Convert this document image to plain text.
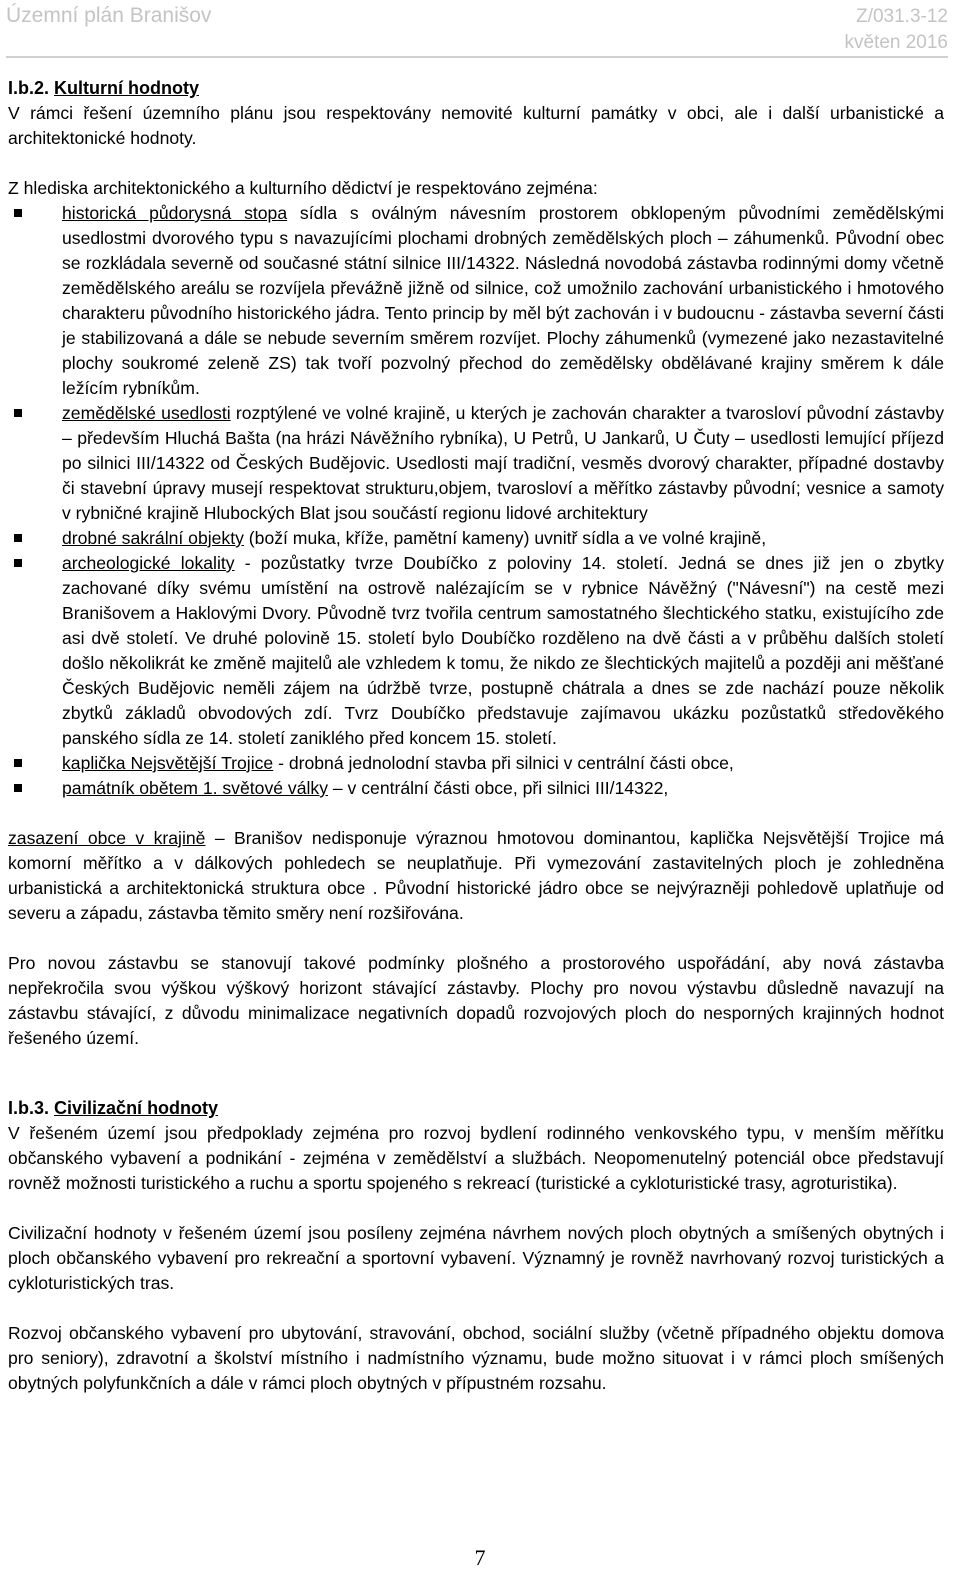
Územní plán Branišov	Z/031.3-12
květen 2016
I.b.2. Kulturní hodnoty

V rámci řešení územního plánu jsou respektovány nemovité kulturní památky v obci, ale i další urbanistické a architektonické hodnoty.

Z hlediska architektonického a kulturního dědictví je respektováno zejména:

historická půdorysná stopa sídla s oválným návesním prostorem obklopeným původními zemědělskými usedlostmi dvorového typu s navazujícími plochami drobných zemědělských ploch – záhumenků. Původní obec se rozkládala severně od současné státní silnice III/14322. Následná novodobá zástavba rodinnými domy včetně zemědělského areálu se rozvíjela převážně jižně od silnice, což umožnilo zachování urbanistického i hmotového charakteru původního historického jádra. Tento princip by měl být zachován i v budoucnu - zástavba severní části je stabilizovaná a dále se nebude severním směrem rozvíjet. Plochy záhumenků (vymezené jako nezastavitelné plochy soukromé zeleně ZS) tak tvoří pozvolný přechod do zemědělsky obdělávané krajiny směrem k dále ležícím rybníkům.
zemědělské usedlosti rozptýlené ve volné krajině, u kterých je zachován charakter a tvarosloví původní zástavby – především Hluchá Bašta (na hrázi Návěžního rybníka), U Petrů, U Jankarů, U Čuty – usedlosti lemující příjezd po silnici III/14322 od Českých Budějovic. Usedlosti mají tradiční, vesměs dvorový charakter, případné dostavby či stavební úpravy musejí respektovat strukturu,objem, tvarosloví a měřítko zástavby původní; vesnice a samoty v rybničné krajině Hlubockých Blat jsou součástí regionu lidové architektury
drobné sakrální objekty (boží muka, kříže, pamětní kameny) uvnitř sídla a ve volné krajině,
archeologické lokality - pozůstatky tvrze Doubíčko z poloviny 14. století. Jedná se dnes již jen o zbytky zachované díky svému umístění na ostrově nalézajícím se v rybnice Návěžný ("Návesní") na cestě mezi Branišovem a Haklovými Dvory. Původně tvrz tvořila centrum samostatného šlechtického statku, existujícího zde asi dvě století. Ve druhé polovině 15. století bylo Doubíčko rozděleno na dvě části a v průběhu dalších století došlo několikrát ke změně majitelů ale vzhledem k tomu, že nikdo ze šlechtických majitelů a později ani měšťané Českých Budějovic neměli zájem na údržbě tvrze, postupně chátrala a dnes se zde nachází pouze několik zbytků základů obvodových zdí. Tvrz Doubíčko představuje zajímavou ukázku pozůstatků středověkého panského sídla ze 14. století zaniklého před koncem 15. století.
kaplička Nejsvětější Trojice - drobná jednolodní stavba při silnici v centrální části obce,
památník obětem 1. světové války – v centrální části obce, při silnici III/14322,

zasazení obce v krajině – Branišov nedisponuje výraznou hmotovou dominantou, kaplička Nejsvětější Trojice má komorní měřítko a v dálkových pohledech se neuplatňuje. Při vymezování zastavitelných ploch je zohledněna urbanistická a architektonická struktura obce . Původní historické jádro obce se nejvýrazněji pohledově uplatňuje od severu a západu, zástavba těmito směry není rozšiřována.

Pro novou zástavbu se stanovují takové podmínky plošného a prostorového uspořádání, aby nová zástavba nepřekročila svou výškou výškový horizont stávající zástavby. Plochy pro novou výstavbu důsledně navazují na zástavbu stávající, z důvodu minimalizace negativních dopadů rozvojových ploch do nesporných krajinných hodnot řešeného území.

I.b.3. Civilizační hodnoty

V řešeném území jsou předpoklady zejména pro rozvoj bydlení rodinného venkovského typu, v menším měřítku občanského vybavení a podnikání - zejména v zemědělství a službách. Neopomenutelný potenciál obce představují rovněž možnosti turistického a ruchu a sportu spojeného s rekreací (turistické a cykloturistické trasy, agroturistika).

Civilizační hodnoty v řešeném území jsou posíleny zejména návrhem nových ploch obytných a smíšených obytných i ploch občanského vybavení pro rekreační a sportovní vybavení. Významný je rovněž navrhovaný rozvoj turistických a cykloturistických tras.

Rozvoj občanského vybavení pro ubytování, stravování, obchod, sociální služby (včetně případného objektu domova pro seniory), zdravotní a školství místního i nadmístního významu, bude možno situovat i v rámci ploch smíšených obytných polyfunkčních a dále v rámci ploch obytných v přípustném rozsahu.

7
